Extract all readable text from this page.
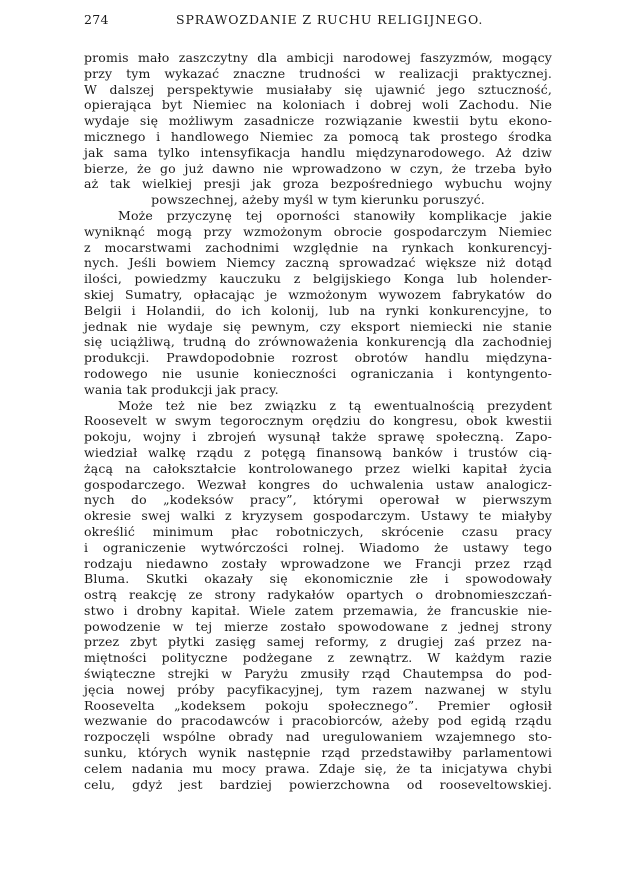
274	SPRAWOZDANIE Z RUCHU RELIGIJNEGO.
promis mało zaszczytny dla ambicji narodowej faszyzmów, mogący
przy tym wykazać znaczne trudności w realizacji praktycznej.
W dalszej perspektywie musiałaby się ujawnić jego sztuczność,
opierająca byt Niemiec na koloniach i dobrej woli Zachodu. Nie
wydaje się możliwym zasadnicze rozwiązanie kwestii bytu ekono-
micznego i handlowego Niemiec za pomocą tak prostego środka
jak sama tylko intensyfikacja handlu międzynarodowego. Aż dziw
bierze, że go już dawno nie wprowadzono w czyn, że trzeba było
aż tak wielkiej presji jak groza bezpośredniego wybuchu wojny
powszechnej, ażeby myśl w tym kierunku poruszyć.
Może przyczynę tej oporności stanowiły komplikacje jakie
wyniknąć mogą przy wzmożonym obrocie gospodarczym Niemiec
z mocarstwami zachodnimi względnie na rynkach konkurencyj-
nych. Jeśli bowiem Niemcy zaczną sprowadzać większe niż dotąd
ilości, powiedzmy kauczuku z belgijskiego Konga lub holender-
skiej Sumatry, opłacając je wzmożonym wywozem fabrykatów do
Belgii i Holandii, do ich kolonij, lub na rynki konkurencyjne, to
jednak nie wydaje się pewnym, czy eksport niemiecki nie stanie
się uciążliwą, trudną do zrównoważenia konkurencją dla zachodniej
produkcji. Prawdopodobnie rozrost obrotów handlu międzyna-
rodowego nie usunie konieczności ograniczania i kontyngento-
wania tak produkcji jak pracy.
Może też nie bez związku z tą ewentualnością prezydent
Roosevelt w swym tegorocznym orędziu do kongresu, obok kwestii
pokoju, wojny i zbrojeń wysunął także sprawę społeczną. Zapo-
wiedział walkę rządu z potęgą finansową banków i trustów cią-
żącą na całokształcie kontrolowanego przez wielki kapitał życia
gospodarczego. Wezwał kongres do uchwalenia ustaw analogicz-
nych do „kodeksów pracy”, którymi operował w pierwszym
okresie swej walki z kryzysem gospodarczym. Ustawy te miałyby
określić minimum płac robotniczych, skrócenie czasu pracy
i ograniczenie wytwórczości rolnej. Wiadomo że ustawy tego
rodzaju niedawno zostały wprowadzone we Francji przez rząd
Bluma. Skutki okazały się ekonomicznie złe i spowodowały
ostrą reakcję ze strony radykałów opartych o drobnomieszczań-
stwo i drobny kapitał. Wiele zatem przemawia, że francuskie nie-
powodzenie w tej mierze zostało spowodowane z jednej strony
przez zbyt płytki zasięg samej reformy, z drugiej zaś przez na-
miętności polityczne podżegane z zewnątrz. W każdym razie
świąteczne strejki w Paryżu zmusiły rząd Chautempsa do pod-
jęcia nowej próby pacyfikacyjnej, tym razem nazwanej w stylu
Roosevelta „kodeksem pokoju społecznego”. Premier ogłosił
wezwanie do pracodawców i pracobiorców, ażeby pod egidą rządu
rozpoczęli wspólne obrady nad uregulowaniem wzajemnego sto-
sunku, których wynik następnie rząd przedstawiłby parlamentowi
celem nadania mu mocy prawa. Zdaje się, że ta inicjatywa chybi
celu, gdyż jest bardziej powierzchowna od rooseveltowskiej.
